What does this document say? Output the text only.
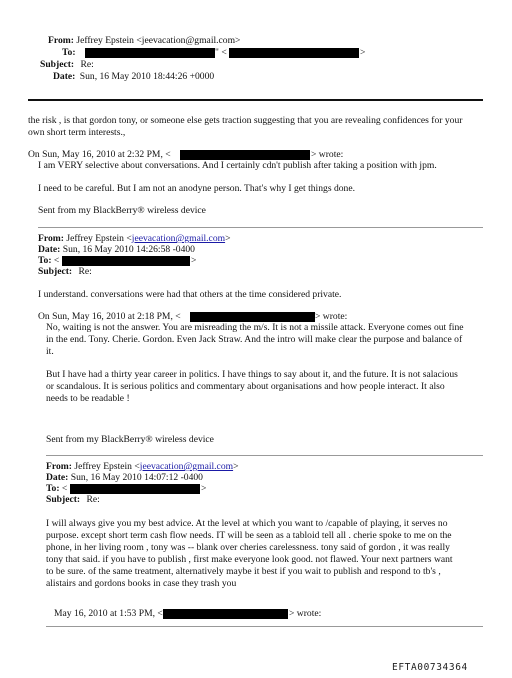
From: Jeffrey Epstein <jeevacation@gmail.com>
To:	" <	>
Subject: Re:
Date: Sun, 16 May 2010 18:44:26 +0000
the risk , is that gordon tony, or someone else gets traction suggesting that you are revealing confidences for your
own short term interests.,
On Sun, May 16, 2010 at 2:32 PM, <	> wrote:
I am VERY selective about conversations. And I certainly cdn't publish after taking a position with jpm.
I need to be careful. But I am not an anodyne person. That's why I get things done.
Sent from my BlackBerry® wireless device
From: Jeffrey Epstein <jeevacation@gmail.com>
Date: Sun, 16 May 2010 14:26:58 -0400
To: <	>
Subject: Re:
I understand. conversations were had that others at the time considered private.
On Sun, May 16, 2010 at 2:18 PM, <	> wrote:
No, waiting is not the answer. You are misreading the m/s. It is not a missile attack. Everyone comes out fine
in the end. Tony. Cherie. Gordon. Even Jack Straw. And the intro will make clear the purpose and balance of
it.
But I have had a thirty year career in politics. I have things to say about it, and the future. It is not salacious
or scandalous. It is serious politics and commentary about organisations and how people interact. It also
needs to be readable !
Sent from my BlackBerry® wireless device
From: Jeffrey Epstein <jeevacation@gmail.com>
Date: Sun, 16 May 2010 14:07:12 -0400
To: <	>
Subject: Re:
I will always give you my best advice. At the level at which you want to /capable of playing, it serves no
purpose. except short term cash flow needs. IT will be seen as a tabloid tell all . cherie spoke to me on the
phone, in her living room , tony was -- blank over cheries carelessness. tony said of gordon , it was really
tony that said. if you have to publish , first make everyone look good. not flawed. Your next partners want
to be sure. of the same treatment, alternatively maybe it best if you wait to publish and respond to tb's ,
alistairs and gordons books in case they trash you
May 16, 2010 at 1:53 PM, <	> wrote:
EFTA00734364
